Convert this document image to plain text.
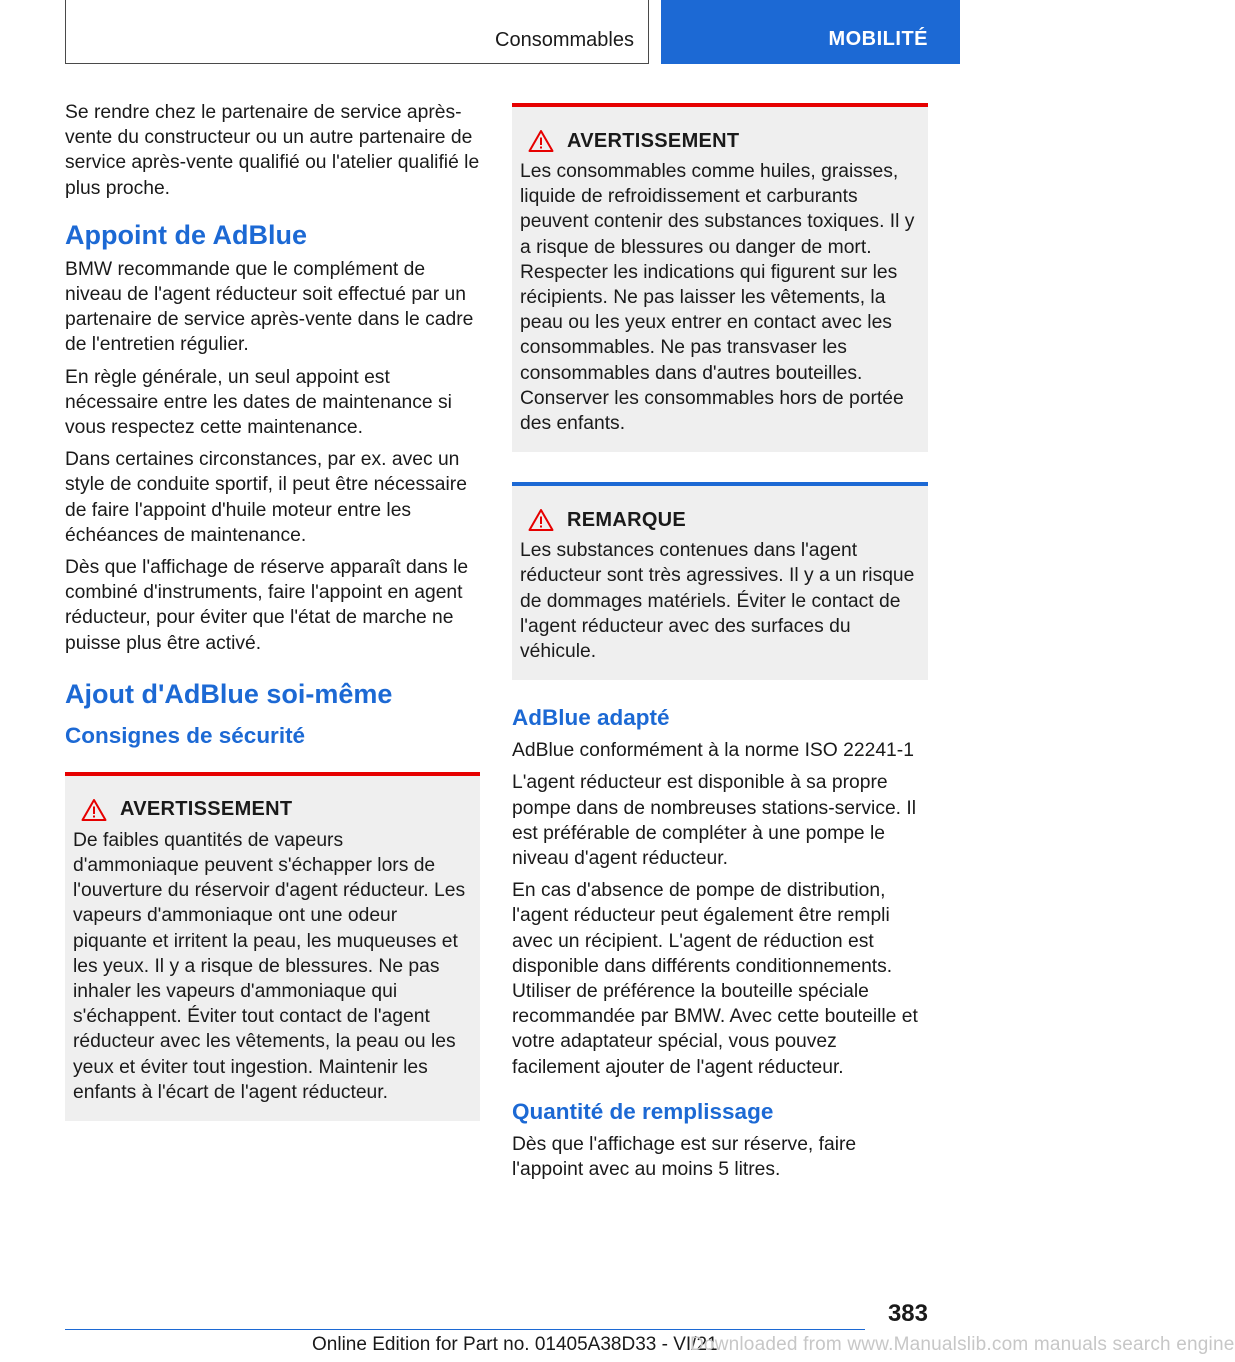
Consommables	MOBILITÉ

Se rendre chez le partenaire de service après-vente du constructeur ou un autre partenaire de service après-vente qualifié ou l'atelier qualifié le plus proche.

Appoint de AdBlue

BMW recommande que le complément de niveau de l'agent réducteur soit effectué par un partenaire de service après-vente dans le cadre de l'entretien régulier.

En règle générale, un seul appoint est nécessaire entre les dates de maintenance si vous respectez cette maintenance.

Dans certaines circonstances, par ex. avec un style de conduite sportif, il peut être nécessaire de faire l'appoint d'huile moteur entre les échéances de maintenance.

Dès que l'affichage de réserve apparaît dans le combiné d'instruments, faire l'appoint en agent réducteur, pour éviter que l'état de marche ne puisse plus être activé.

Ajout d'AdBlue soi-même
Consignes de sécurité
AVERTISSEMENT

De faibles quantités de vapeurs d'ammoniaque peuvent s'échapper lors de l'ouverture du réservoir d'agent réducteur. Les vapeurs d'ammoniaque ont une odeur piquante et irritent la peau, les muqueuses et les yeux. Il y a risque de blessures. Ne pas inhaler les vapeurs d'ammoniaque qui s'échappent. Éviter tout contact de l'agent réducteur avec les vêtements, la peau ou les yeux et éviter tout ingestion. Maintenir les enfants à l'écart de l'agent réducteur.

AVERTISSEMENT

Les consommables comme huiles, graisses, liquide de refroidissement et carburants peuvent contenir des substances toxiques. Il y a risque de blessures ou danger de mort. Respecter les indications qui figurent sur les récipients. Ne pas laisser les vêtements, la peau ou les yeux entrer en contact avec les consommables. Ne pas transvaser les consommables dans d'autres bouteilles. Conserver les consommables hors de portée des enfants.

REMARQUE

Les substances contenues dans l'agent réducteur sont très agressives. Il y a un risque de dommages matériels. Éviter le contact de l'agent réducteur avec des surfaces du véhicule.

AdBlue adapté

AdBlue conformément à la norme ISO 22241-1

L'agent réducteur est disponible à sa propre pompe dans de nombreuses stations-service. Il est préférable de compléter à une pompe le niveau d'agent réducteur.

En cas d'absence de pompe de distribution, l'agent réducteur peut également être rempli avec un récipient. L'agent de réduction est disponible dans différents conditionnements. Utiliser de préférence la bouteille spéciale recommandée par BMW. Avec cette bouteille et votre adaptateur spécial, vous pouvez facilement ajouter de l'agent réducteur.

Quantité de remplissage

Dès que l'affichage est sur réserve, faire l'appoint avec au moins 5 litres.

383
Online Edition for Part no. 01405A38D33 - VI/21
Downloaded from www.Manualslib.com manuals search engine
